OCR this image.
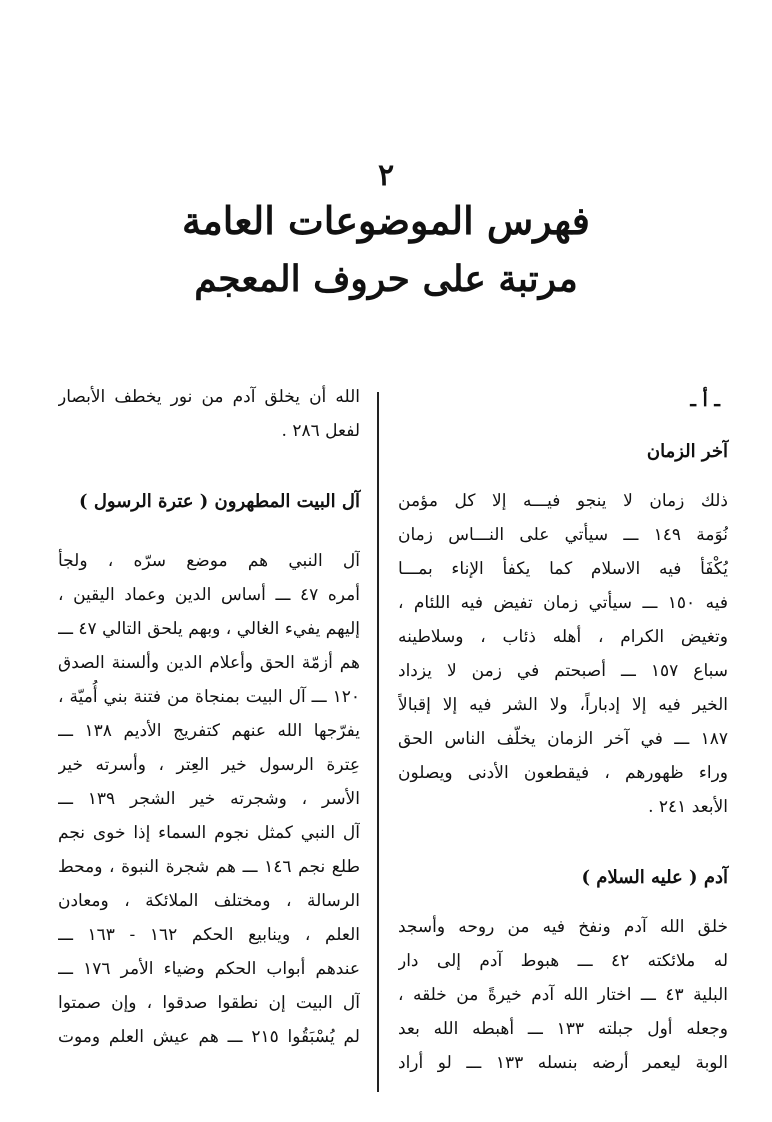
٢
فهرس الموضوعات العامة
مرتبة على حروف المعجم
ـ أ ـ
آخر الزمان
ذلك زمان لا ينجو فيـــه إلا كل مؤمن
نُوَمة ١٤٩ ـــ سيأتي على النـــاس زمان
يُكْفَأ فيه الاسلام كما يكفأ الإناء بمـــا
فيه ١٥٠ ـــ سيأتي زمان تفيض فيه اللئام ،
وتغيض الكرام ، أهله ذئاب ، وسلاطينه
سباع ١٥٧ ـــ أصبحتم في زمن لا يزداد
الخير فيه إلا إدباراً، ولا الشر فيه إلا إقبالاً
١٨٧ ـــ في آخر الزمان يخلّف الناس الحق
وراء ظهورهم ، فيقطعون الأدنى ويصلون
الأبعد ٢٤١ .
آدم ( عليه السلام )
خلق الله آدم ونفخ فيه من روحه وأسجد
له ملائكته ٤٢ ـــ هبوط آدم إلى دار
البلية ٤٣ ـــ اختار الله آدم خيرةً من خلقه ،
وجعله أول جبلته ١٣٣ ـــ أهبطه الله بعد
الوبة ليعمر أرضه بنسله ١٣٣ ـــ لو أراد
الله أن يخلق آدم من نور يخطف الأبصار
لفعل ٢٨٦ .
آل البيت المطهرون ( عترة الرسول )
آل النبي هم موضع سرّه ، ولجأ
أمره ٤٧ ـــ أساس الدين وعماد اليقين ،
إليهم يفيء الغالي ، وبهم يلحق التالي ٤٧ ـــ
هم أزمّة الحق وأعلام الدين وألسنة الصدق
١٢٠ ـــ آل البيت بمنجاة من فتنة بني أُميّة ،
يفرّجها الله عنهم كتفريج الأديم ١٣٨ ـــ
عِترة الرسول خير العِتر ، وأسرته خير
الأسر ، وشجرته خير الشجر ١٣٩ ـــ
آل النبي كمثل نجوم السماء إذا خوى نجم
طلع نجم ١٤٦ ـــ هم شجرة النبوة ، ومحط
الرسالة ، ومختلف الملائكة ، ومعادن
العلم ، وينابيع الحكم ١٦٢ - ١٦٣ ـــ
عندهم أبواب الحكم وضياء الأمر ١٧٦ ـــ
آل البيت إن نطقوا صدقوا ، وإن صمتوا
لم يُسْبَقُوا ٢١٥ ـــ هم عيش العلم وموت
